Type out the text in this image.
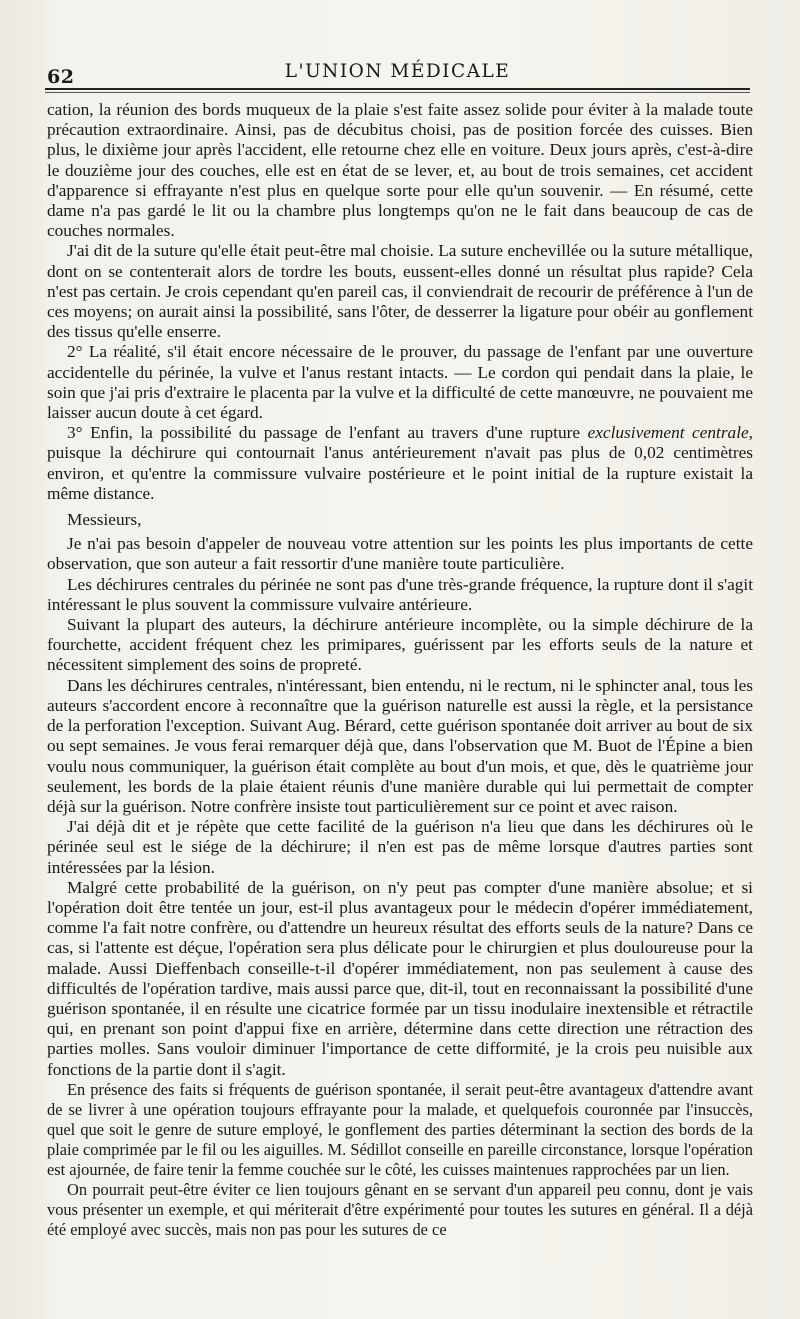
62	L'UNION MÉDICALE

cation, la réunion des bords muqueux de la plaie s'est faite assez solide pour éviter à la malade toute précaution extraordinaire. Ainsi, pas de décubitus choisi, pas de position forcée des cuisses. Bien plus, le dixième jour après l'accident, elle retourne chez elle en voiture. Deux jours après, c'est-à-dire le douzième jour des couches, elle est en état de se lever, et, au bout de trois semaines, cet accident d'apparence si effrayante n'est plus en quelque sorte pour elle qu'un souvenir. — En résumé, cette dame n'a pas gardé le lit ou la chambre plus longtemps qu'on ne le fait dans beaucoup de cas de couches normales.

J'ai dit de la suture qu'elle était peut-être mal choisie. La suture enchevillée ou la suture métallique, dont on se contenterait alors de tordre les bouts, eussent-elles donné un résultat plus rapide? Cela n'est pas certain. Je crois cependant qu'en pareil cas, il conviendrait de recourir de préférence à l'un de ces moyens; on aurait ainsi la possibilité, sans l'ôter, de desserrer la ligature pour obéir au gonflement des tissus qu'elle enserre.

2° La réalité, s'il était encore nécessaire de le prouver, du passage de l'enfant par une ouverture accidentelle du périnée, la vulve et l'anus restant intacts. — Le cordon qui pendait dans la plaie, le soin que j'ai pris d'extraire le placenta par la vulve et la difficulté de cette manœuvre, ne pouvaient me laisser aucun doute à cet égard.

3° Enfin, la possibilité du passage de l'enfant au travers d'une rupture exclusivement centrale, puisque la déchirure qui contournait l'anus antérieurement n'avait pas plus de 0,02 centimètres environ, et qu'entre la commissure vulvaire postérieure et le point initial de la rupture existait la même distance.

Messieurs,

Je n'ai pas besoin d'appeler de nouveau votre attention sur les points les plus importants de cette observation, que son auteur a fait ressortir d'une manière toute particulière.

Les déchirures centrales du périnée ne sont pas d'une très-grande fréquence, la rupture dont il s'agit intéressant le plus souvent la commissure vulvaire antérieure.

Suivant la plupart des auteurs, la déchirure antérieure incomplète, ou la simple déchirure de la fourchette, accident fréquent chez les primipares, guérissent par les efforts seuls de la nature et nécessitent simplement des soins de propreté.

Dans les déchirures centrales, n'intéressant, bien entendu, ni le rectum, ni le sphincter anal, tous les auteurs s'accordent encore à reconnaître que la guérison naturelle est aussi la règle, et la persistance de la perforation l'exception. Suivant Aug. Bérard, cette guérison spontanée doit arriver au bout de six ou sept semaines. Je vous ferai remarquer déjà que, dans l'observation que M. Buot de l'Épine a bien voulu nous communiquer, la guérison était complète au bout d'un mois, et que, dès le quatrième jour seulement, les bords de la plaie étaient réunis d'une manière durable qui lui permettait de compter déjà sur la guérison. Notre confrère insiste tout particulièrement sur ce point et avec raison.

J'ai déjà dit et je répète que cette facilité de la guérison n'a lieu que dans les déchirures où le périnée seul est le siége de la déchirure; il n'en est pas de même lorsque d'autres parties sont intéressées par la lésion.

Malgré cette probabilité de la guérison, on n'y peut pas compter d'une manière absolue; et si l'opération doit être tentée un jour, est-il plus avantageux pour le médecin d'opérer immédiatement, comme l'a fait notre confrère, ou d'attendre un heureux résultat des efforts seuls de la nature? Dans ce cas, si l'attente est déçue, l'opération sera plus délicate pour le chirurgien et plus douloureuse pour la malade. Aussi Dieffenbach conseille-t-il d'opérer immédiatement, non pas seulement à cause des difficultés de l'opération tardive, mais aussi parce que, dit-il, tout en reconnaissant la possibilité d'une guérison spontanée, il en résulte une cicatrice formée par un tissu inodulaire inextensible et rétractile qui, en prenant son point d'appui fixe en arrière, détermine dans cette direction une rétraction des parties molles. Sans vouloir diminuer l'importance de cette difformité, je la crois peu nuisible aux fonctions de la partie dont il s'agit.

En présence des faits si fréquents de guérison spontanée, il serait peut-être avantageux d'attendre avant de se livrer à une opération toujours effrayante pour la malade, et quelquefois couronnée par l'insuccès, quel que soit le genre de suture employé, le gonflement des parties déterminant la section des bords de la plaie comprimée par le fil ou les aiguilles. M. Sédillot conseille en pareille circonstance, lorsque l'opération est ajournée, de faire tenir la femme couchée sur le côté, les cuisses maintenues rapprochées par un lien.

On pourrait peut-être éviter ce lien toujours gênant en se servant d'un appareil peu connu, dont je vais vous présenter un exemple, et qui mériterait d'être expérimenté pour toutes les sutures en général. Il a déjà été employé avec succès, mais non pas pour les sutures de ce
